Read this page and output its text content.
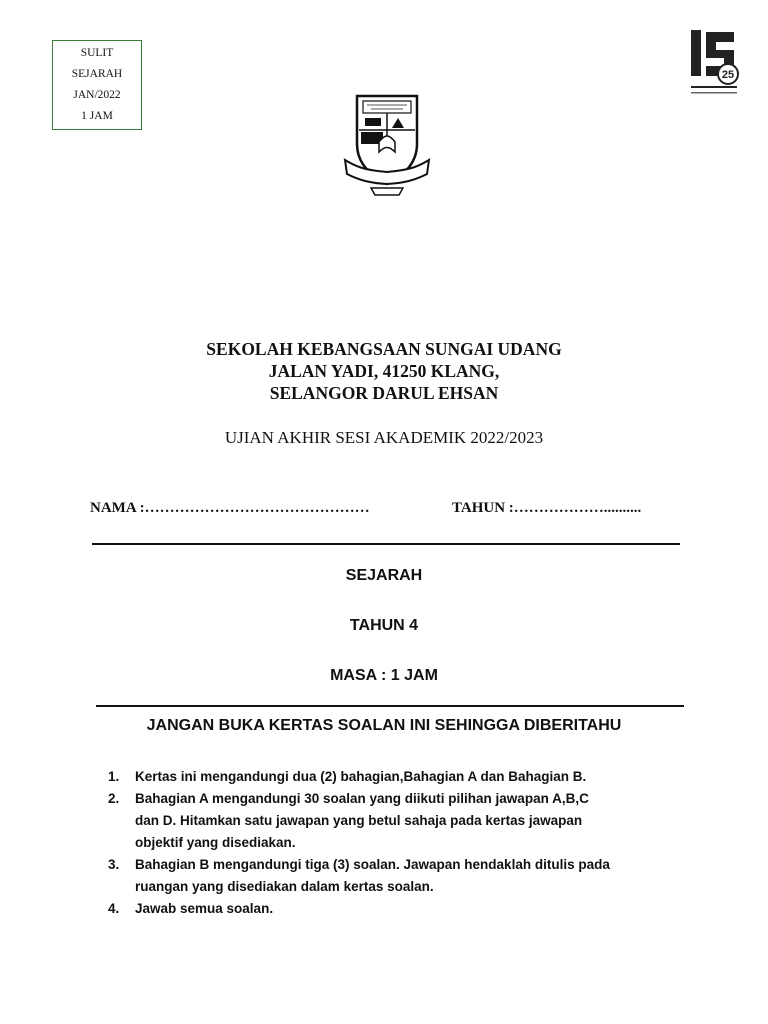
SULIT
SEJARAH
JAN/2022
1 JAM
25
SEKOLAH KEBANGSAAN SUNGAI UDANG
JALAN YADI, 41250 KLANG,
SELANGOR DARUL EHSAN
UJIAN AKHIR SESI AKADEMIK 2022/2023
NAMA :………………………………………	TAHUN :………………..........
SEJARAH
TAHUN 4
MASA : 1 JAM
JANGAN BUKA KERTAS SOALAN INI SEHINGGA DIBERITAHU
1.	Kertas ini mengandungi dua (2) bahagian,Bahagian A dan Bahagian B.
2.	Bahagian A mengandungi 30 soalan yang diikuti pilihan jawapan A,B,C
dan D. Hitamkan satu jawapan yang betul sahaja pada kertas jawapan
objektif yang disediakan.
3.	Bahagian B mengandungi tiga (3) soalan. Jawapan hendaklah ditulis pada
ruangan yang disediakan dalam kertas soalan.
4.	Jawab semua soalan.
